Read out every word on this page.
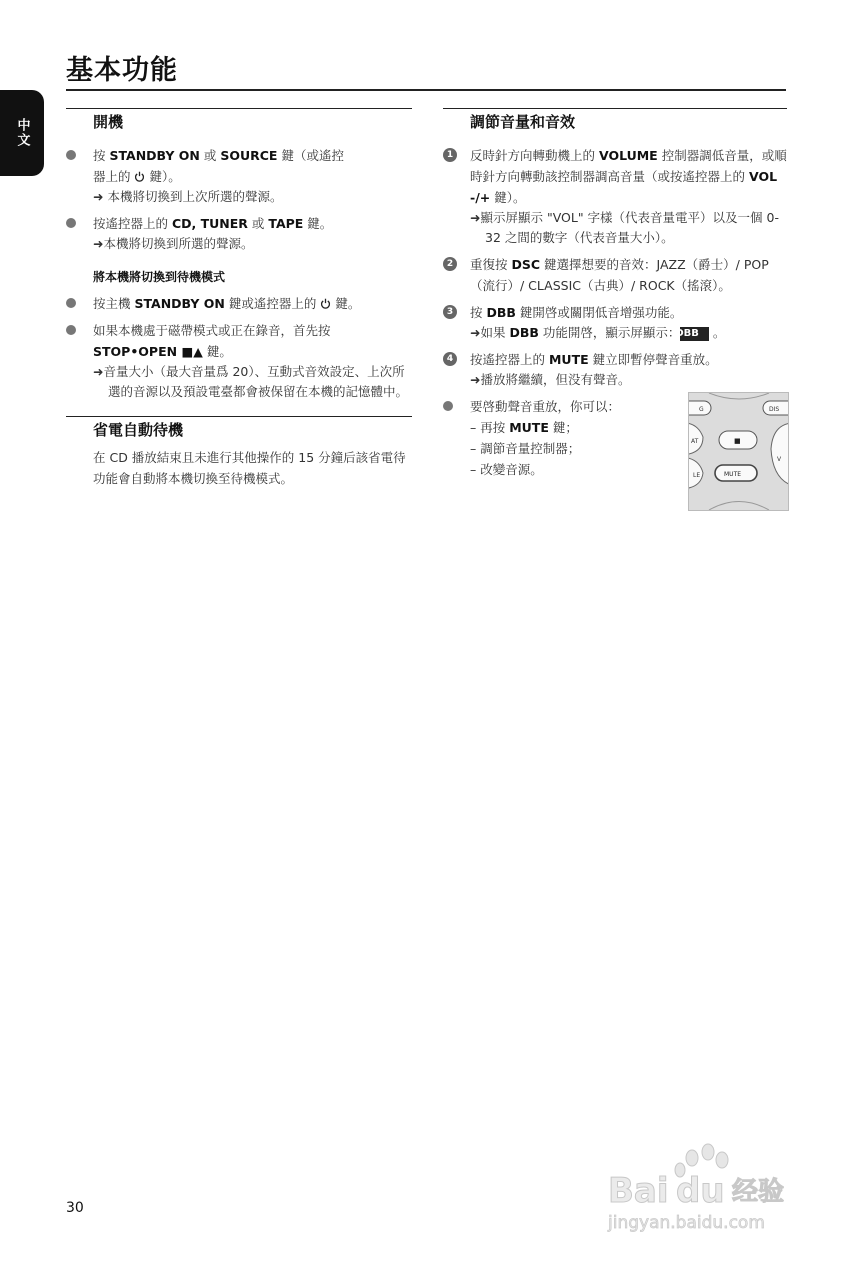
基本功能
中文	開機
按 STANDBY ON 或 SOURCE 鍵（或遙控
器上的  鍵）。
➜ 本機將切換到上次所選的聲源。
按遙控器上的 CD, TUNER 或 TAPE 鍵。
➜本機將切換到所選的聲源。
將本機將切換到待機模式
按主機 STANDBY ON 鍵或遙控器上的  鍵。
如果本機處于磁帶模式或正在錄音，首先按
STOP•OPEN ■▲ 鍵。
➜音量大小（最大音量爲 20）、互動式音效設定、上次所選的音源以及預設電臺都會被保留在本機的記憶體中。
省電自動待機
在 CD 播放結束且未進行其他操作的 15 分鐘后該省電待功能會自動將本機切換至待機模式。
調節音量和音效
1	反時針方向轉動機上的 VOLUME 控制器調低音量，或順時針方向轉動該控制器調高音量（或按遙控器上的 VOL -/+ 鍵）。
➜顯示屏顯示 "VOL" 字樣（代表音量電平）以及一個 0-32 之間的數字（代表音量大小）。
2	重復按 DSC 鍵選擇想要的音效：JAZZ（爵士）/ POP（流行）/ CLASSIC（古典）/ ROCK（搖滾）。
3	按 DBB 鍵開啓或關閉低音增强功能。
➜如果 DBB 功能開啓，顯示屏顯示：DBB 。
4	按遙控器上的 MUTE 鍵立即暫停聲音重放。
➜播放將繼續，但没有聲音。
要啓動聲音重放，你可以：
– 再按 MUTE 鍵；
– 調節音量控制器；
– 改變音源。
G	DIS
■
AT
V
LE	MUTE
30	Bai du 经验
jingyan.baidu.com
